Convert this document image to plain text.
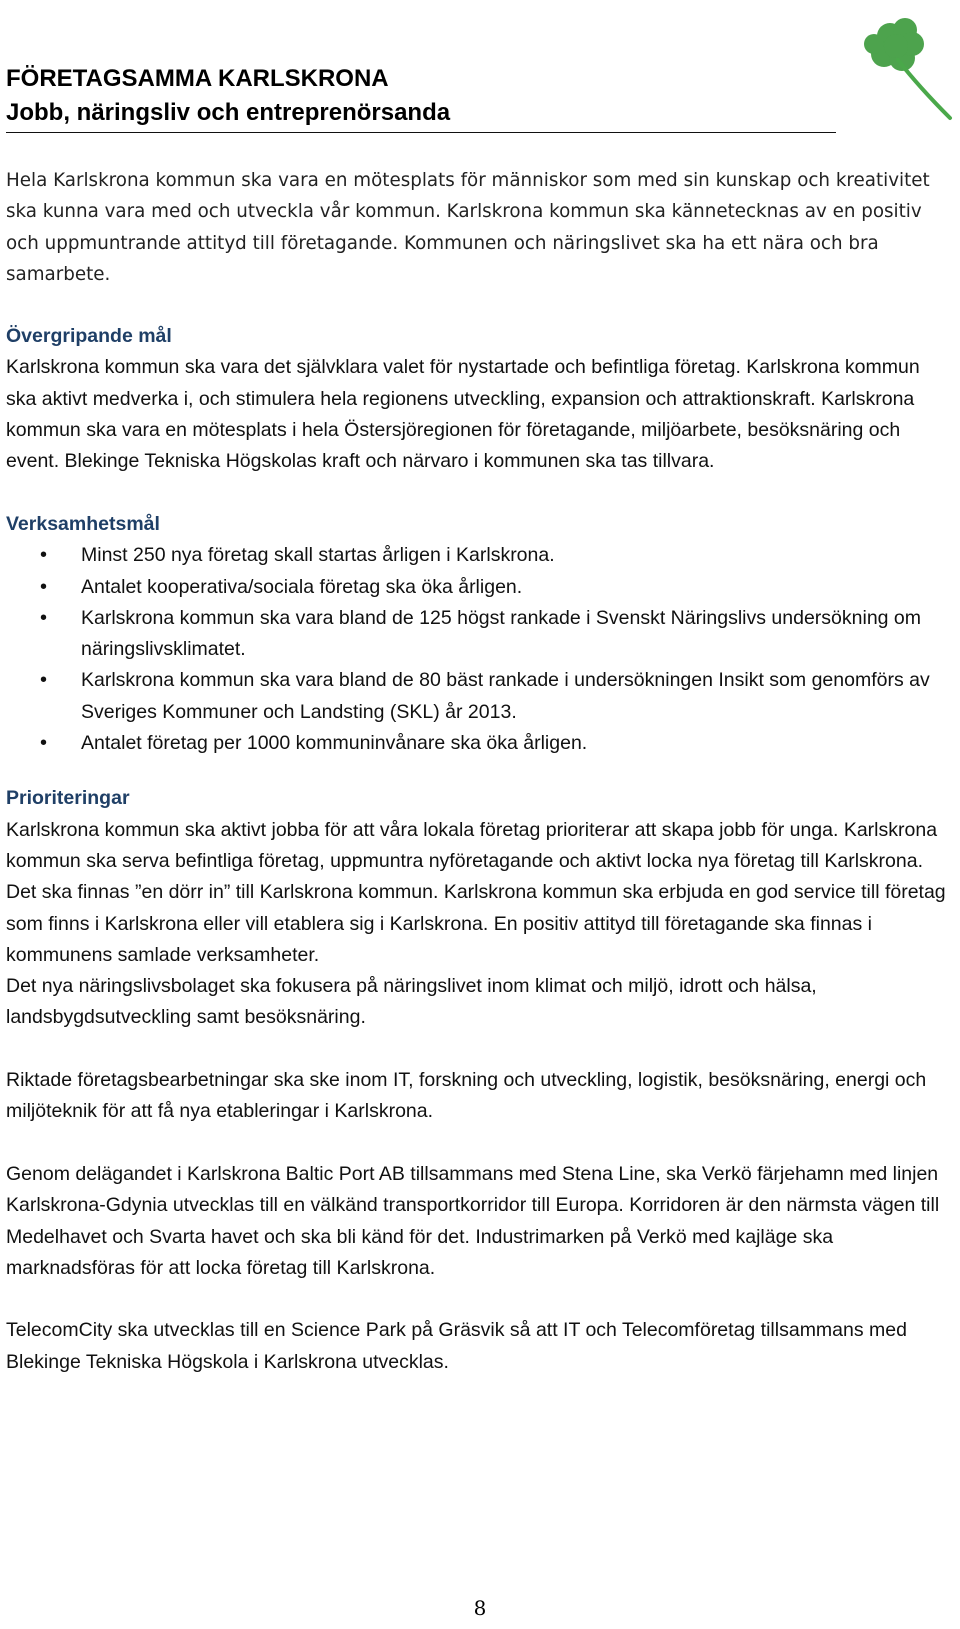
FÖRETAGSAMMA KARLSKRONA
Jobb, näringsliv och entreprenörsanda

Hela Karlskrona kommun ska vara en mötesplats för människor som med sin kunskap och kreativitet ska kunna vara med och utveckla vår kommun. Karlskrona kommun ska kännetecknas av en positiv och uppmuntrande attityd till företagande. Kommunen och näringslivet ska ha ett nära och bra samarbete.

Övergripande mål

Karlskrona kommun ska vara det självklara valet för nystartade och befintliga företag. Karlskrona kommun ska aktivt medverka i, och stimulera hela regionens utveckling, expansion och attraktionskraft. Karlskrona kommun ska vara en mötesplats i hela Östersjöregionen för företagande, miljöarbete, besöksnäring och event. Blekinge Tekniska Högskolas kraft och närvaro i kommunen ska tas tillvara.

Verksamhetsmål

• Minst 250 nya företag skall startas årligen i Karlskrona.
• Antalet kooperativa/sociala företag ska öka årligen.
• Karlskrona kommun ska vara bland de 125 högst rankade i Svenskt Näringslivs undersökning om näringslivsklimatet.
• Karlskrona kommun ska vara bland de 80 bäst rankade i undersökningen Insikt som genomförs av Sveriges Kommuner och Landsting (SKL) år 2013.
• Antalet företag per 1000 kommuninvånare ska öka årligen.

Prioriteringar

Karlskrona kommun ska aktivt jobba för att våra lokala företag prioriterar att skapa jobb för unga. Karlskrona kommun ska serva befintliga företag, uppmuntra nyföretagande och aktivt locka nya företag till Karlskrona. Det ska finnas ”en dörr in” till Karlskrona kommun. Karlskrona kommun ska erbjuda en god service till företag som finns i Karlskrona eller vill etablera sig i Karlskrona. En positiv attityd till företagande ska finnas i kommunens samlade verksamheter.

Det nya näringslivsbolaget ska fokusera på näringslivet inom klimat och miljö, idrott och hälsa, landsbygdsutveckling samt besöksnäring.

Riktade företagsbearbetningar ska ske inom IT, forskning och utveckling, logistik, besöksnäring, energi och miljöteknik för att få nya etableringar i Karlskrona.

Genom delägandet i Karlskrona Baltic Port AB tillsammans med Stena Line, ska Verkö färjehamn med linjen Karlskrona-Gdynia utvecklas till en välkänd transportkorridor till Europa. Korridoren är den närmsta vägen till Medelhavet och Svarta havet och ska bli känd för det. Industrimarken på Verkö med kajläge ska marknadsföras för att locka företag till Karlskrona.

TelecomCity ska utvecklas till en Science Park på Gräsvik så att IT och Telecomföretag tillsammans med Blekinge Tekniska Högskola i Karlskrona utvecklas.

8
